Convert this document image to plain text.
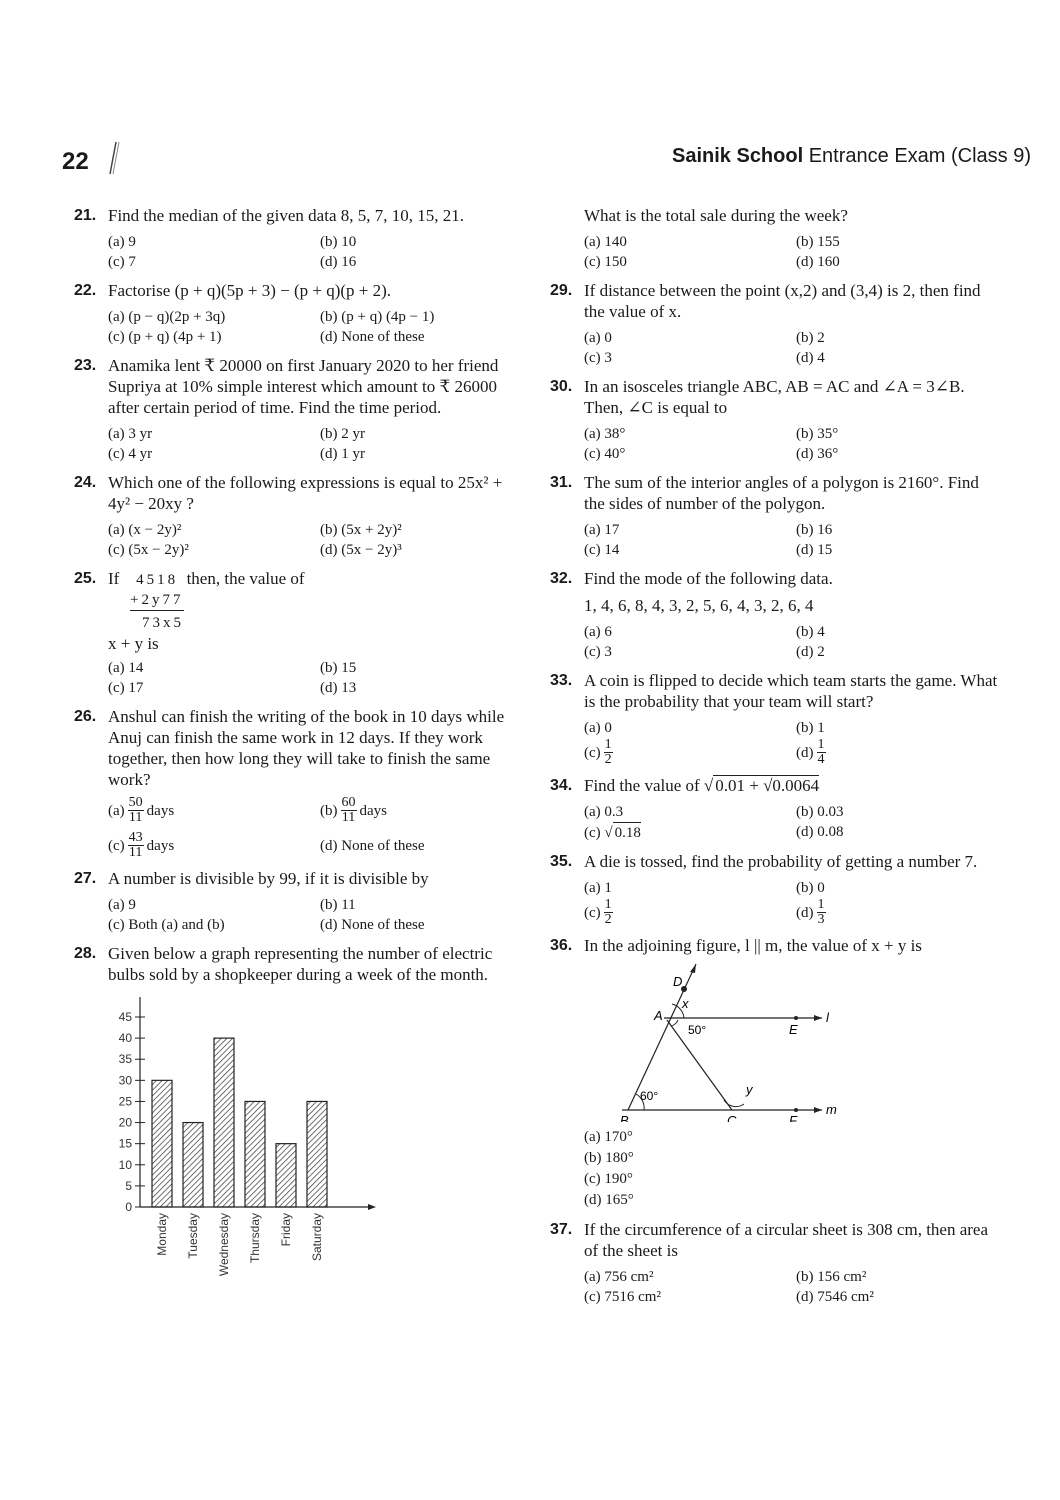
22	Sainik School Entrance Exam (Class 9)
21. Find the median of the given data 8, 5, 7, 10, 15, 21.
(a) 9	(b) 10
(c) 7	(d) 16
22. Factorise (p + q)(5p + 3) − (p + q)(p + 2).
(a) (p − q)(2p + 3q)	(b) (p + q) (4p − 1)
(c) (p + q) (4p + 1)	(d) None of these
23. Anamika lent ₹ 20000 on first January 2020 to her friend Supriya at 10% simple interest which amount to ₹ 26000 after certain period of time. Find the time period.
(a) 3 yr	(b) 2 yr
(c) 4 yr	(d) 1 yr
24. Which one of the following expressions is equal to 25x² + 4y² − 20xy ?
(a) (x − 2y)²	(b) (5x + 2y)²
(c) (5x − 2y)²	(d) (5x − 2y)³
25. If 4518 then, the value of
+2y77
73x5
x + y is
(a) 14	(b) 15
(c) 17	(d) 13
26. Anshul can finish the writing of the book in 10 days while Anuj can finish the same work in 12 days. If they work together, then how long they will take to finish the same work?
$(a) \frac{50}{11}$ days	$(b) \frac{60}{11}$ days
$(c) \frac{43}{11}$ days	(d) None of these
27. A number is divisible by 99, if it is divisible by
(a) 9	(b) 11
(c) Both (a) and (b)	(d) None of these
28. Given below a graph representing the number of electric bulbs sold by a shopkeeper during a week of the month.
0
5
10
15
20
25
30
35
40
45
Monday Tuesday Wednesday Thursday Friday Saturday
What is the total sale during the week?
(a) 140	(b) 155
(c) 150	(d) 160
29. If distance between the point (x,2) and (3,4) is 2, then find the value of x.
(a) 0	(b) 2
(c) 3	(d) 4
30. In an isosceles triangle ABC, AB = AC and ∠A = 3∠B. Then, ∠C is equal to
(a) 38°	(b) 35°
(c) 40°	(d) 36°
31. The sum of the interior angles of a polygon is 2160°. Find the sides of number of the polygon.
(a) 17	(b) 16
(c) 14	(d) 15
32. Find the mode of the following data.
1, 4, 6, 8, 4, 3, 2, 5, 6, 4, 3, 2, 6, 4
(a) 6	(b) 4
(c) 3	(d) 2
33. A coin is flipped to decide which team starts the game. What is the probability that your team will start?
(a) 0	(b) 1
$(c) \frac{1}{2}$	$(d) \frac{1}{4}$
34. Find the value of √ 0.01 + √0.0064
(a) 0.3	(b) 0.03
(c) √ 0.18	(d) 0.08
35. A die is tossed, find the probability of getting a number 7.
(a) 1	(b) 0
$(c) \frac{1}{2}$	$(d) \frac{1}{3}$
36. In the adjoining figure, l || m, the value of x + y is
D
A
B	C
E
F
x
y
l
m
50°
60°
(a) 170°
(b) 180°
(c) 190°
(d) 165°
37. If the circumference of a circular sheet is 308 cm, then area of the sheet is
(a) 756 cm²	(b) 156 cm²
(c) 7516 cm²	(d) 7546 cm²
